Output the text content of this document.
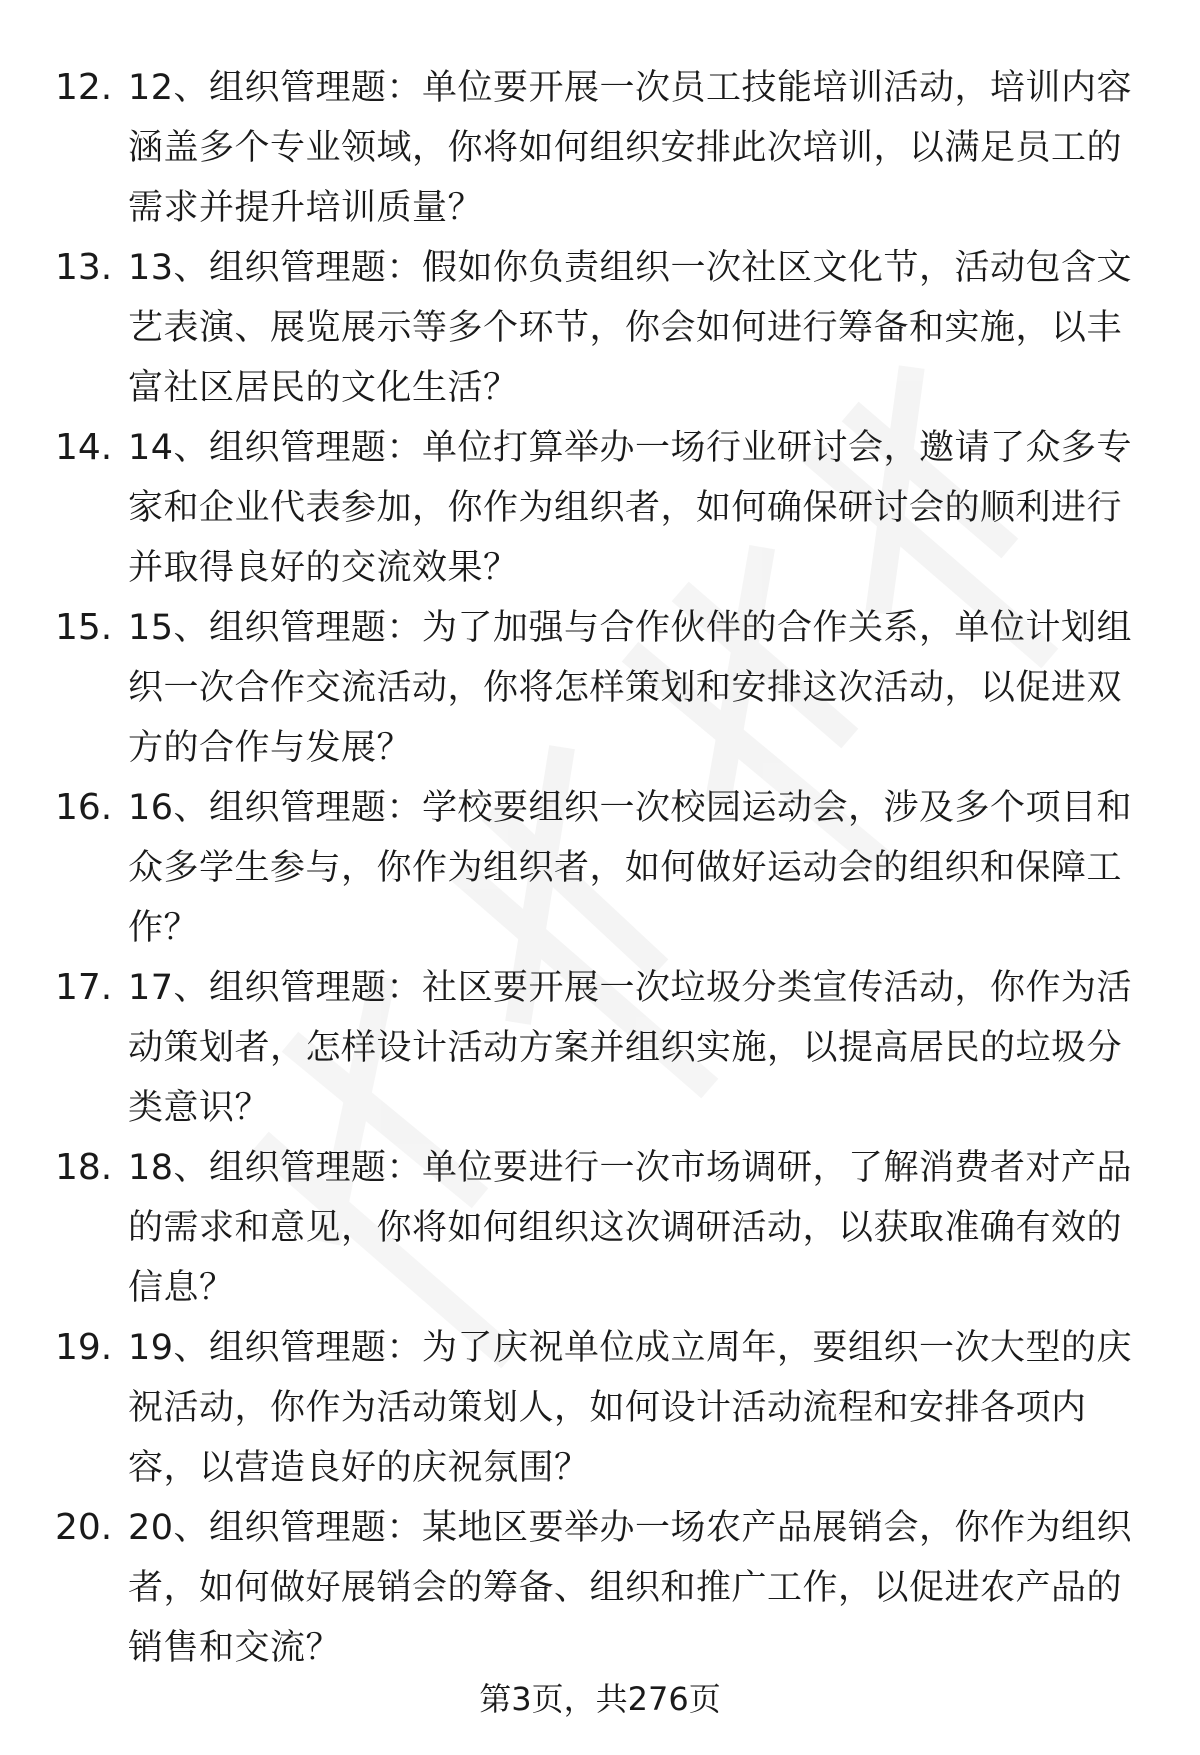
12. 12、组织管理题：单位要开展一次员工技能培训活动，培训内容涵盖多个专业领域，你将如何组织安排此次培训，以满足员工的需求并提升培训质量？
13. 13、组织管理题：假如你负责组织一次社区文化节，活动包含文艺表演、展览展示等多个环节，你会如何进行筹备和实施，以丰富社区居民的文化生活？
14. 14、组织管理题：单位打算举办一场行业研讨会，邀请了众多专家和企业代表参加，你作为组织者，如何确保研讨会的顺利进行并取得良好的交流效果？
15. 15、组织管理题：为了加强与合作伙伴的合作关系，单位计划组织一次合作交流活动，你将怎样策划和安排这次活动，以促进双方的合作与发展？
16. 16、组织管理题：学校要组织一次校园运动会，涉及多个项目和众多学生参与，你作为组织者，如何做好运动会的组织和保障工作？
17. 17、组织管理题：社区要开展一次垃圾分类宣传活动，你作为活动策划者，怎样设计活动方案并组织实施，以提高居民的垃圾分类意识？
18. 18、组织管理题：单位要进行一次市场调研，了解消费者对产品的需求和意见，你将如何组织这次调研活动，以获取准确有效的信息？
19. 19、组织管理题：为了庆祝单位成立周年，要组织一次大型的庆祝活动，你作为活动策划人，如何设计活动流程和安排各项内容，以营造良好的庆祝氛围？
20. 20、组织管理题：某地区要举办一场农产品展销会，你作为组织者，如何做好展销会的筹备、组织和推广工作，以促进农产品的销售和交流？
第3页，共276页
